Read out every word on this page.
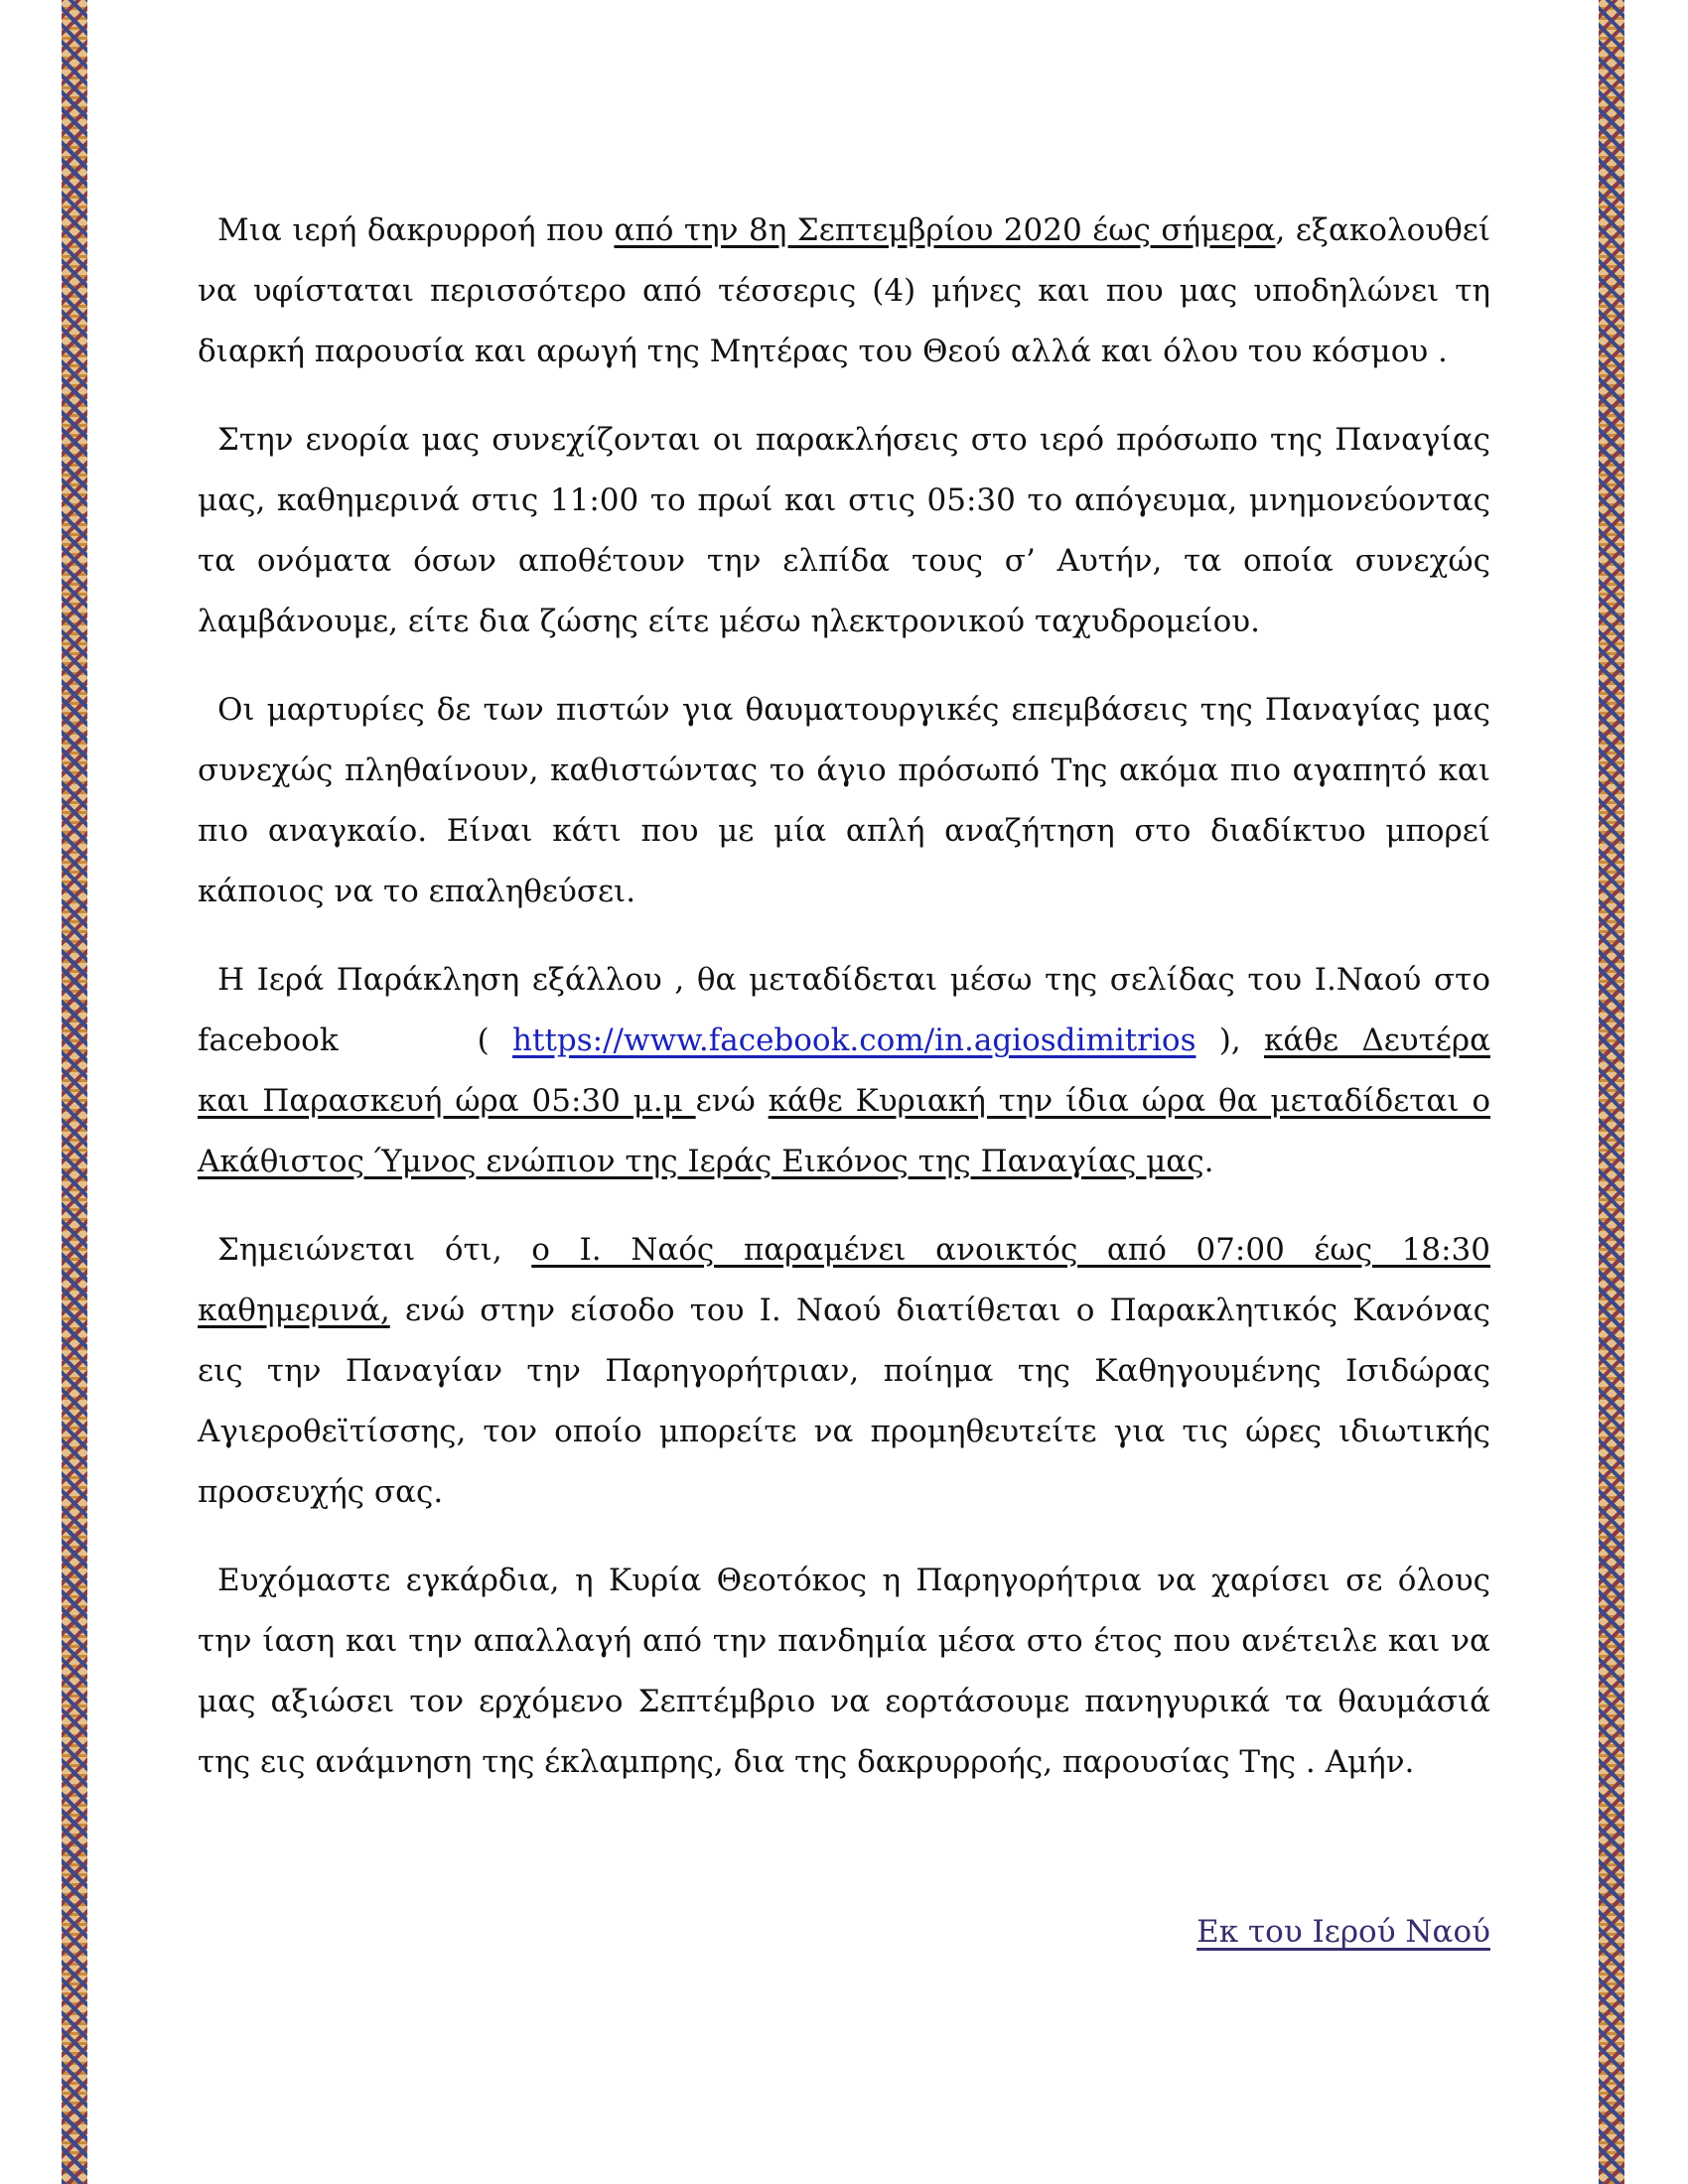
Μια ιερή δακρυρροή που από την 8η Σεπτεμβρίου 2020 έως σήμερα, εξακολουθεί να υφίσταται περισσότερο από τέσσερις (4) μήνες και που μας υποδηλώνει τη διαρκή παρουσία και αρωγή της Μητέρας του Θεού αλλά και όλου του κόσμου .

Στην ενορία μας συνεχίζονται οι παρακλήσεις στο ιερό πρόσωπο της Παναγίας μας, καθημερινά στις 11:00 το πρωί και στις 05:30 το απόγευμα, μνημονεύοντας τα ονόματα όσων αποθέτουν την ελπίδα τους σ’ Αυτήν, τα οποία συνεχώς λαμβάνουμε, είτε δια ζώσης είτε μέσω ηλεκτρονικού ταχυδρομείου.

Οι μαρτυρίες δε των πιστών για θαυματουργικές επεμβάσεις της Παναγίας μας συνεχώς πληθαίνουν, καθιστώντας το άγιο πρόσωπό Της ακόμα πιο αγαπητό και πιο αναγκαίο. Είναι κάτι που με μία απλή αναζήτηση στο διαδίκτυο μπορεί κάποιος να το επαληθεύσει.

Η Ιερά Παράκληση εξάλλου , θα μεταδίδεται μέσω της σελίδας του Ι.Ναού στο facebook	( https://www.facebook.com/in.agiosdimitrios ), κάθε Δευτέρα και Παρασκευή ώρα 05:30 μ.μ ενώ κάθε Κυριακή την ίδια ώρα θα μεταδίδεται ο Ακάθιστος Ύμνος ενώπιον της Ιεράς Εικόνος της Παναγίας μας.

Σημειώνεται ότι, ο Ι. Ναός παραμένει ανοικτός από 07:00 έως 18:30 καθημερινά, ενώ στην είσοδο του Ι. Ναού διατίθεται ο Παρακλητικός Κανόνας εις την Παναγίαν την Παρηγορήτριαν, ποίημα της Καθηγουμένης Ισιδώρας Αγιεροθεϊτίσσης, τον οποίο μπορείτε να προμηθευτείτε για τις ώρες ιδιωτικής προσευχής σας.

Ευχόμαστε εγκάρδια, η Κυρία Θεοτόκος η Παρηγορήτρια να χαρίσει σε όλους την ίαση και την απαλλαγή από την πανδημία μέσα στο έτος που ανέτειλε και να μας αξιώσει τον ερχόμενο Σεπτέμβριο να εορτάσουμε πανηγυρικά τα θαυμάσιά της εις ανάμνηση της έκλαμπρης, δια της δακρυρροής, παρουσίας Της . Αμήν.

Εκ του Ιερού Ναού
